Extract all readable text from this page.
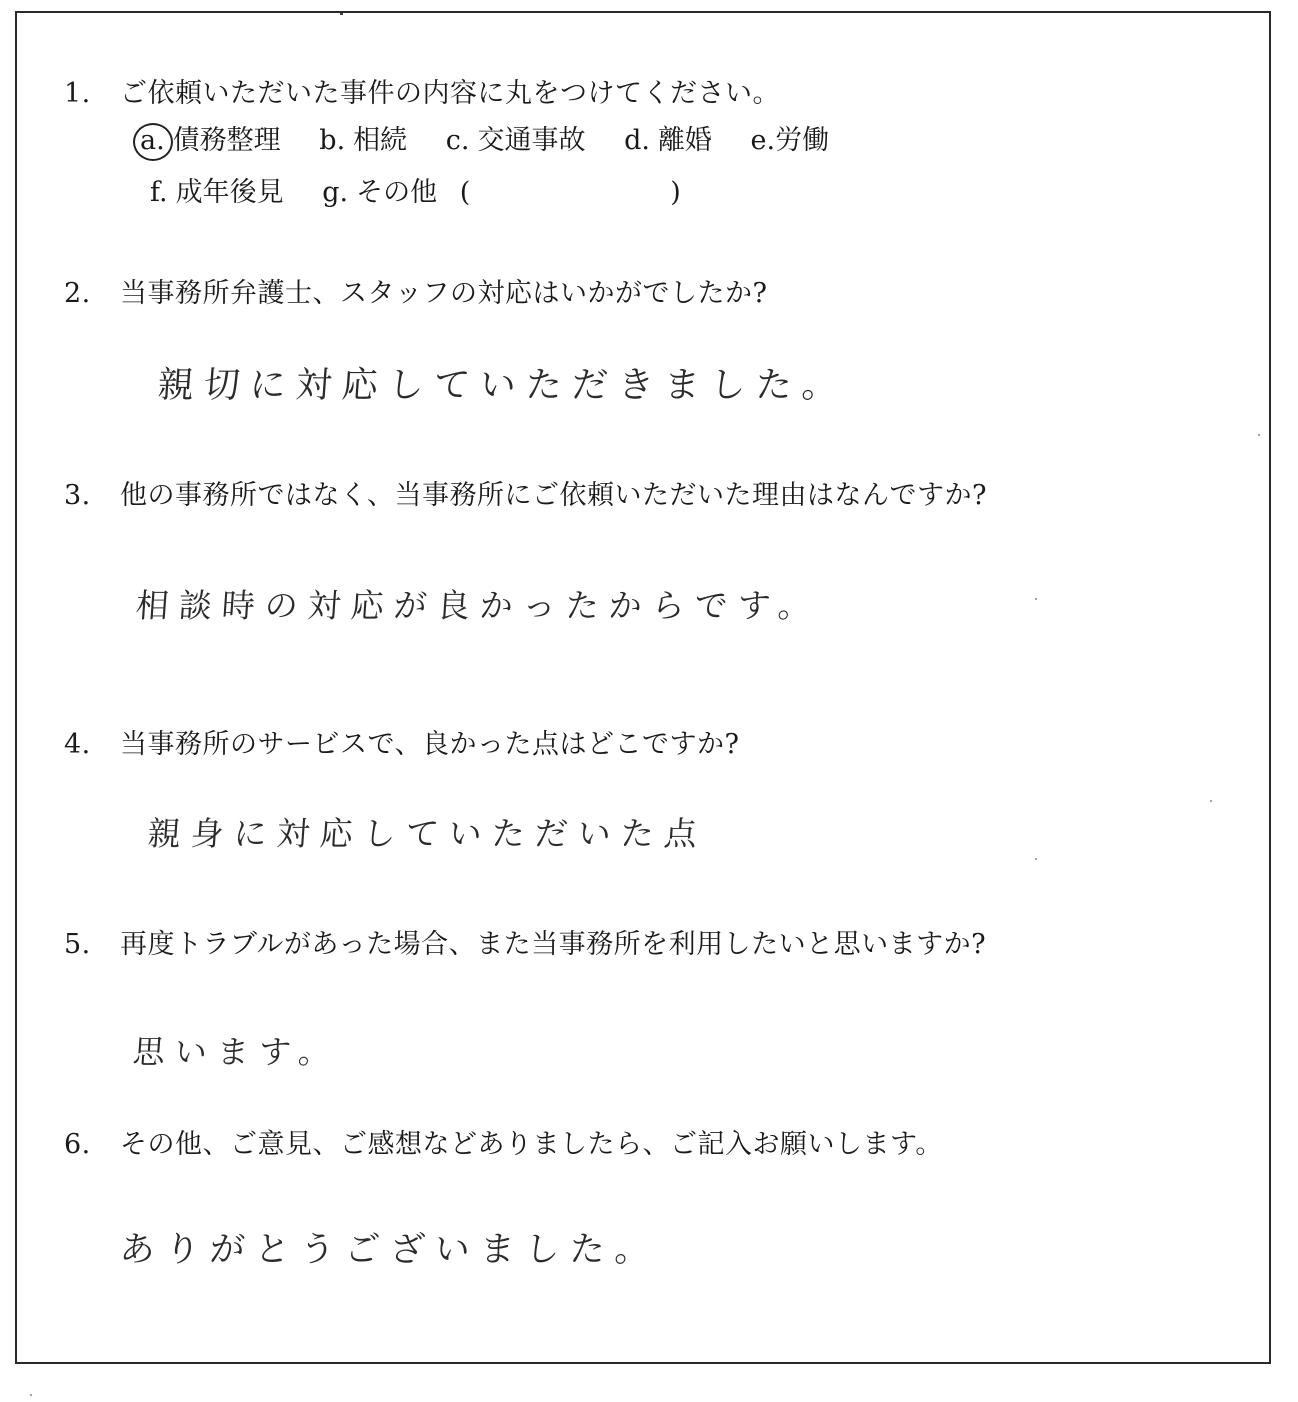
1. ご依頼いただいた事件の内容に丸をつけてください。
a. 債務整理 b. 相続 c. 交通事故 d. 離婚 e.労働
f. 成年後見 g. その他 (	)
2. 当事務所弁護士、スタッフの対応はいかがでしたか?
親切に対応していただきました。
3. 他の事務所ではなく、当事務所にご依頼いただいた理由はなんですか?
相談時の対応が良かったからです。
4. 当事務所のサービスで、良かった点はどこですか?
親身に対応していただいた点
5. 再度トラブルがあった場合、また当事務所を利用したいと思いますか?
思います。
6. その他、ご意見、ご感想などありましたら、ご記入お願いします。
ありがとうございました。
